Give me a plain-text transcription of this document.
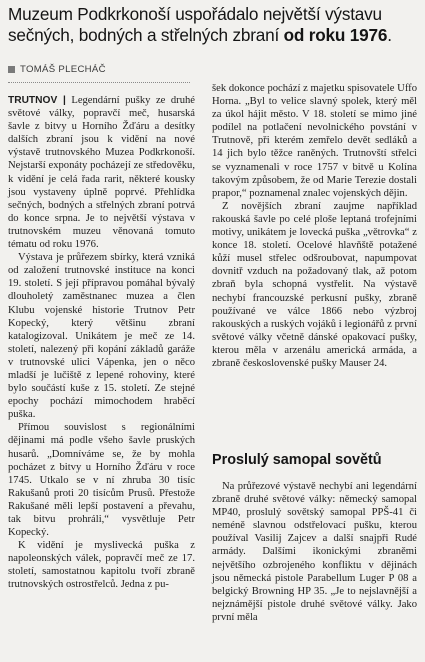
Muzeum Podkrkonoší uspořádalo největší výstavu sečných, bodných a střelných zbraní od roku 1976.
TOMÁŠ PLECHÁČ

TRUTNOV | Legendární pušky ze druhé světové války, popravčí meč, husarská šavle z bitvy u Horního Žďáru a desítky dalších zbraní jsou k vidění na nové výstavě trutnovského Muzea Podkrkonoší. Nejstarší exponáty pocházejí ze středověku, k vidění je celá řada rarit, některé kousky jsou vystaveny úplně poprvé. Přehlídka sečných, bodných a střelných zbraní potrvá do konce srpna. Je to největší výstava v trutnovském muzeu věnovaná tomuto tématu od roku 1976.

Výstava je průřezem sbírky, která vzniká od založení trutnovské instituce na konci 19. století. S její přípravou pomáhal bývalý dlouholetý zaměstnanec muzea a člen Klubu vojenské historie Trutnov Petr Kopecký, který většinu zbraní katalogizoval. Unikátem je meč ze 14. století, nalezený při kopání základů garáže v trutnovské ulici Vápenka, jen o něco mladší je lučiště z lepené rohoviny, které bylo součástí kuše z 15. století. Ze stejné epochy pochází mimochodem hraběcí puška.

Přímou souvislost s regionálními dějinami má podle všeho šavle pruských husarů. „Domníváme se, že by mohla pocházet z bitvy u Horního Žďáru v roce 1745. Utkalo se v ní zhruba 30 tisíc Rakušanů proti 20 tisícům Prusů. Přestože Rakušané měli lepší postavení a převahu, tak bitvu prohráli,“ vysvětluje Petr Kopecký.

K vidění je myslivecká puška z napoleonských válek, popravčí meč ze 17. století, samostatnou kapitolu tvoří zbraně trutnovských ostrostřelců. Jedna z pu-

šek dokonce pochází z majetku spisovatele Uffo Horna. „Byl to velice slavný spolek, který měl za úkol hájit město. V 18. století se mimo jiné podílel na potlačení nevolnického povstání v Trutnově, při kterém zemřelo devět sedláků a 14 jich bylo těžce raněných. Trutnovští střelci se vyznamenali v roce 1757 v bitvě u Kolína takovým způsobem, že od Marie Terezie dostali prapor,“ poznamenal znalec vojenských dějin.

Z novějších zbraní zaujme například rakouská šavle po celé ploše leptaná trofejními motivy, unikátem je lovecká puška „větrovka“ z konce 18. století. Ocelové hlavňště potažené kůží musel střelec odšroubovat, napumpovat dovnitř vzduch na požadovaný tlak, až potom zbraň byla schopná vystřelit. Na výstavě nechybí francouzské perkusní pušky, zbraně používané ve válce 1866 nebo výzbroj rakouských a ruských vojáků i legionářů z první světové války včetně dánské opakovací pušky, kterou měla v arzenálu americká armáda, a zbraně československé pušky Mauser 24.

Proslulý samopal sovětů

Na průřezové výstavě nechybí ani legendární zbraně druhé světové války: německý samopal MP40, proslulý sovětský samopal PPŠ-41 či neméně slavnou odstřelovací pušku, kterou používal Vasilij Zajcev a další snajpři Rudé armády. Dalšími ikonickými zbraněmi největšího ozbrojeného konfliktu v dějinách jsou německá pistole Parabellum Luger P 08 a belgický Browning HP 35. „Je to nejslavnější a nejznámější pistole druhé světové války. Jako první měla
